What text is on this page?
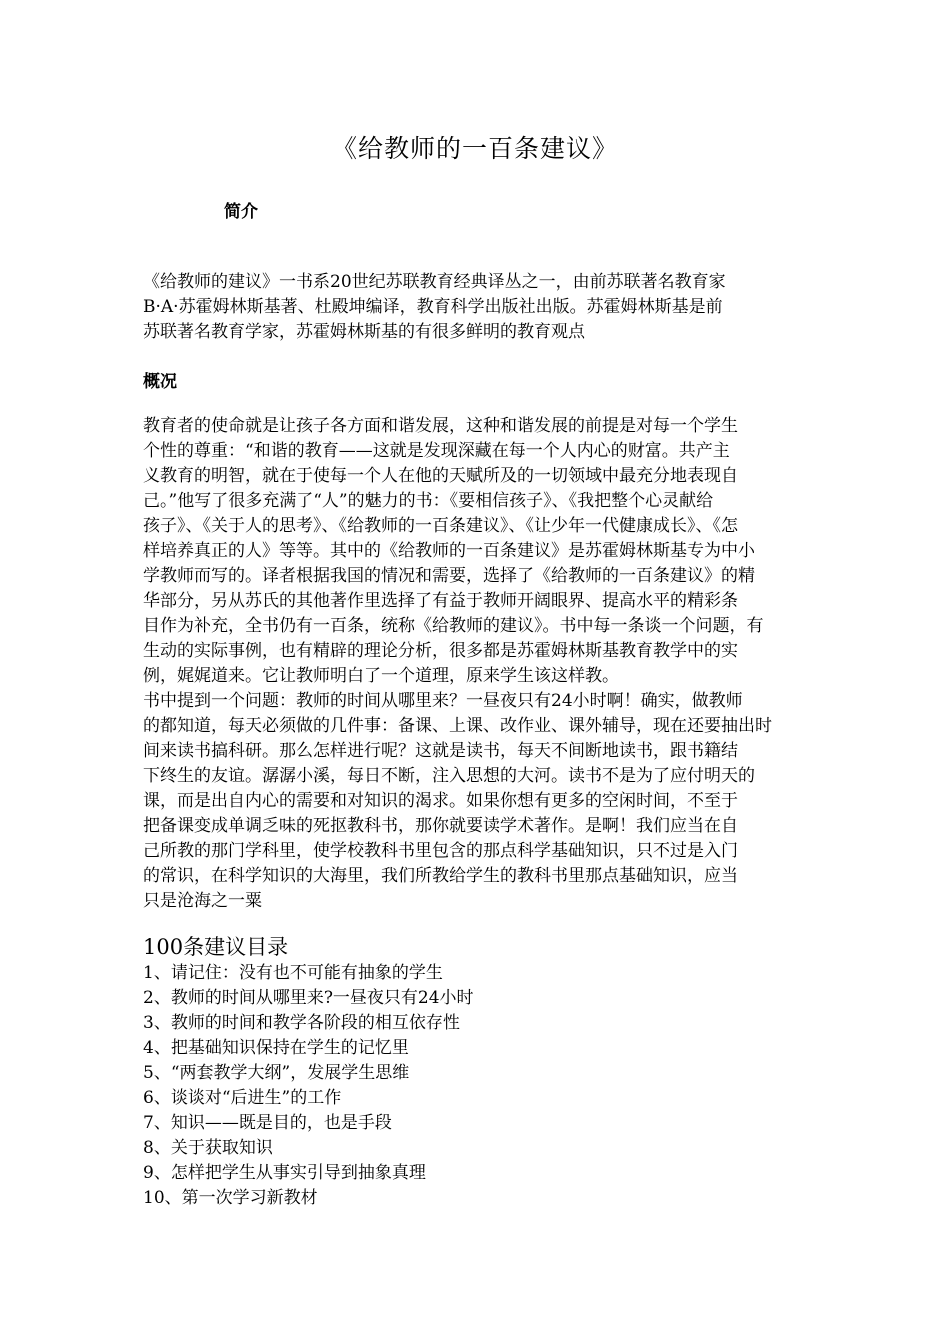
《给教师的一百条建议》
简介
《给教师的建议》一书系20世纪苏联教育经典译丛之一，由前苏联著名教育家
B·A·苏霍姆林斯基著、杜殿坤编译，教育科学出版社出版。苏霍姆林斯基是前
苏联著名教育学家，苏霍姆林斯基的有很多鲜明的教育观点
概况
教育者的使命就是让孩子各方面和谐发展，这种和谐发展的前提是对每一个学生
个性的尊重：“和谐的教育——这就是发现深藏在每一个人内心的财富。共产主
义教育的明智，就在于使每一个人在他的天赋所及的一切领域中最充分地表现自
己。”他写了很多充满了“人”的魅力的书：《要相信孩子》、《我把整个心灵献给
孩子》、《关于人的思考》、《给教师的一百条建议》、《让少年一代健康成长》、《怎
样培养真正的人》等等。其中的《给教师的一百条建议》是苏霍姆林斯基专为中小
学教师而写的。译者根据我国的情况和需要，选择了《给教师的一百条建议》的精
华部分，另从苏氏的其他著作里选择了有益于教师开阔眼界、提高水平的精彩条
目作为补充，全书仍有一百条，统称《给教师的建议》。书中每一条谈一个问题，有
生动的实际事例，也有精辟的理论分析，很多都是苏霍姆林斯基教育教学中的实
例，娓娓道来。它让教师明白了一个道理，原来学生该这样教。
书中提到一个问题：教师的时间从哪里来？一昼夜只有24小时啊！确实，做教师
的都知道，每天必须做的几件事：备课、上课、改作业、课外辅导，现在还要抽出时
间来读书搞科研。那么怎样进行呢？这就是读书，每天不间断地读书，跟书籍结
下终生的友谊。潺潺小溪，每日不断，注入思想的大河。读书不是为了应付明天的
课，而是出自内心的需要和对知识的渴求。如果你想有更多的空闲时间，不至于
把备课变成单调乏味的死抠教科书，那你就要读学术著作。是啊！我们应当在自
己所教的那门学科里，使学校教科书里包含的那点科学基础知识，只不过是入门
的常识，在科学知识的大海里，我们所教给学生的教科书里那点基础知识，应当
只是沧海之一粟
100条建议目录
1、请记住：没有也不可能有抽象的学生
2、教师的时间从哪里来?一昼夜只有24小时
3、教师的时间和教学各阶段的相互依存性
4、把基础知识保持在学生的记忆里
5、“两套教学大纲”，发展学生思维
6、谈谈对“后进生”的工作
7、知识——既是目的，也是手段
8、关于获取知识
9、怎样把学生从事实引导到抽象真理
10、第一次学习新教材
